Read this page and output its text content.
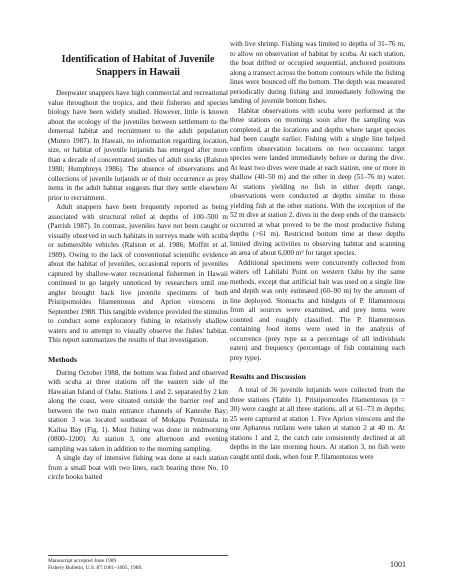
Identification of Habitat of Juvenile Snappers in Hawaii

Deepwater snappers have high commercial and recreational value throughout the tropics, and their fisheries and species biology have been widely studied. However, little is known about the ecology of the juveniles between settlement to the demersal habitat and recruitment to the adult population (Munro 1987). In Hawaii, no information regarding location, size, or habitat of juvenile lutjanids has emerged after more than a decade of concentrated studies of adult stocks (Ralston 1980; Humphreys 1986). The absence of observations and collections of juvenile lutjanids or of their occurrence as prey items in the adult habitat suggests that they settle elsewhere prior to recruitment.

Adult snappers have been frequently reported as being associated with structural relief at depths of 100–500 m (Parrish 1987). In contrast, juveniles have not been caught or visually observed in such habitats in surveys made with scuba or submersible vehicles (Ralston et al. 1986; Moffitt et al. 1989). Owing to the lack of conventional scientific evidence about the habitat of juveniles, occasional reports of juveniles captured by shallow-water recreational fishermen in Hawaii continued to go largely unnoticed by researchers until one angler brought back live juvenile specimens of both Pristipomoides filamentosus and Aprion virescens in September 1988. This tangible evidence provided the stimulus to conduct some exploratory fishing in relatively shallow waters and to attempt to visually observe the fishes' habitat. This report summarizes the results of that investigation.

Methods

During October 1988, the bottom was fished and observed with scuba at three stations off the eastern side of the Hawaiian Island of Oahu. Stations 1 and 2, separated by 2 km along the coast, were situated outside the barrier reef and between the two main entrance channels of Kaneohe Bay; station 3 was located southeast of Mokapu Peninsula in Kailua Bay (Fig. 1). Most fishing was done in midmorning (0800–1200). At station 3, one afternoon and evening sampling was taken in addition to the morning sampling.

A single day of intensive fishing was done at each station from a small boat with two lines, each bearing three No. 10 circle hooks baited

with live shrimp. Fishing was limited to depths of 31–76 m, to allow on observation of habitat by scuba. At each station, the boat drifted or occupied sequential, anchored positions along a transect across the bottom contours while the fishing lines were bounced off the bottom. The depth was measured periodically during fishing and immediately following the landing of juvenile bottom fishes.

Habitat observations with scuba were performed at the three stations on mornings soon after the sampling was completed, at the locations and depths where target species had been caught earlier. Fishing with a single line helped confirm observation locations on two occasions: target species were landed immediately before or during the dive. At least two dives were made at each station, one or more in shallow (40–50 m) and the other in deep (51–76 m) water. At stations yielding no fish in either depth range, observations were conducted at depths similar to those yielding fish at the other stations. With the exception of the 52 m dive at station 2, dives in the deep ends of the transects occurred at what proved to be the most productive fishing depths (>61 m). Restricted bottom time at these depths limited diving activities to observing habitat and scanning an area of about 6,000 m² for target species.

Additional specimens were concurrently collected from waters off Lahilahi Point on western Oahu by the same methods, except that artificial bait was used on a single line and depth was only estimated (60–90 m) by the amount of line deployed. Stomachs and hindguts of P. filamentosus from all sources were examined, and prey items were counted and roughly classified. The P. filamentosus containing food items were used in the analysis of occurrence (prey type as a percentage of all individuals eaten) and frequency (percentage of fish containing each prey type).

Results and Discussion

A total of 36 juvenile lutjanids were collected from the three stations (Table 1). Pristipomoides filamentosus (n = 30) were caught at all three stations, all at 61–73 m depths; 25 were captured at station 1. Five Aprion virescens and the one Aphareus rutilans were taken at station 2 at 40 m. At stations 1 and 2, the catch rate consistently declined at all depths in the late morning hours. At station 3, no fish were caught until dusk, when four P. filamentosus were

Manuscript accepted June 1989.
Fishery Bulletin, U.S. 87:1001–1005, 1989.	1001
